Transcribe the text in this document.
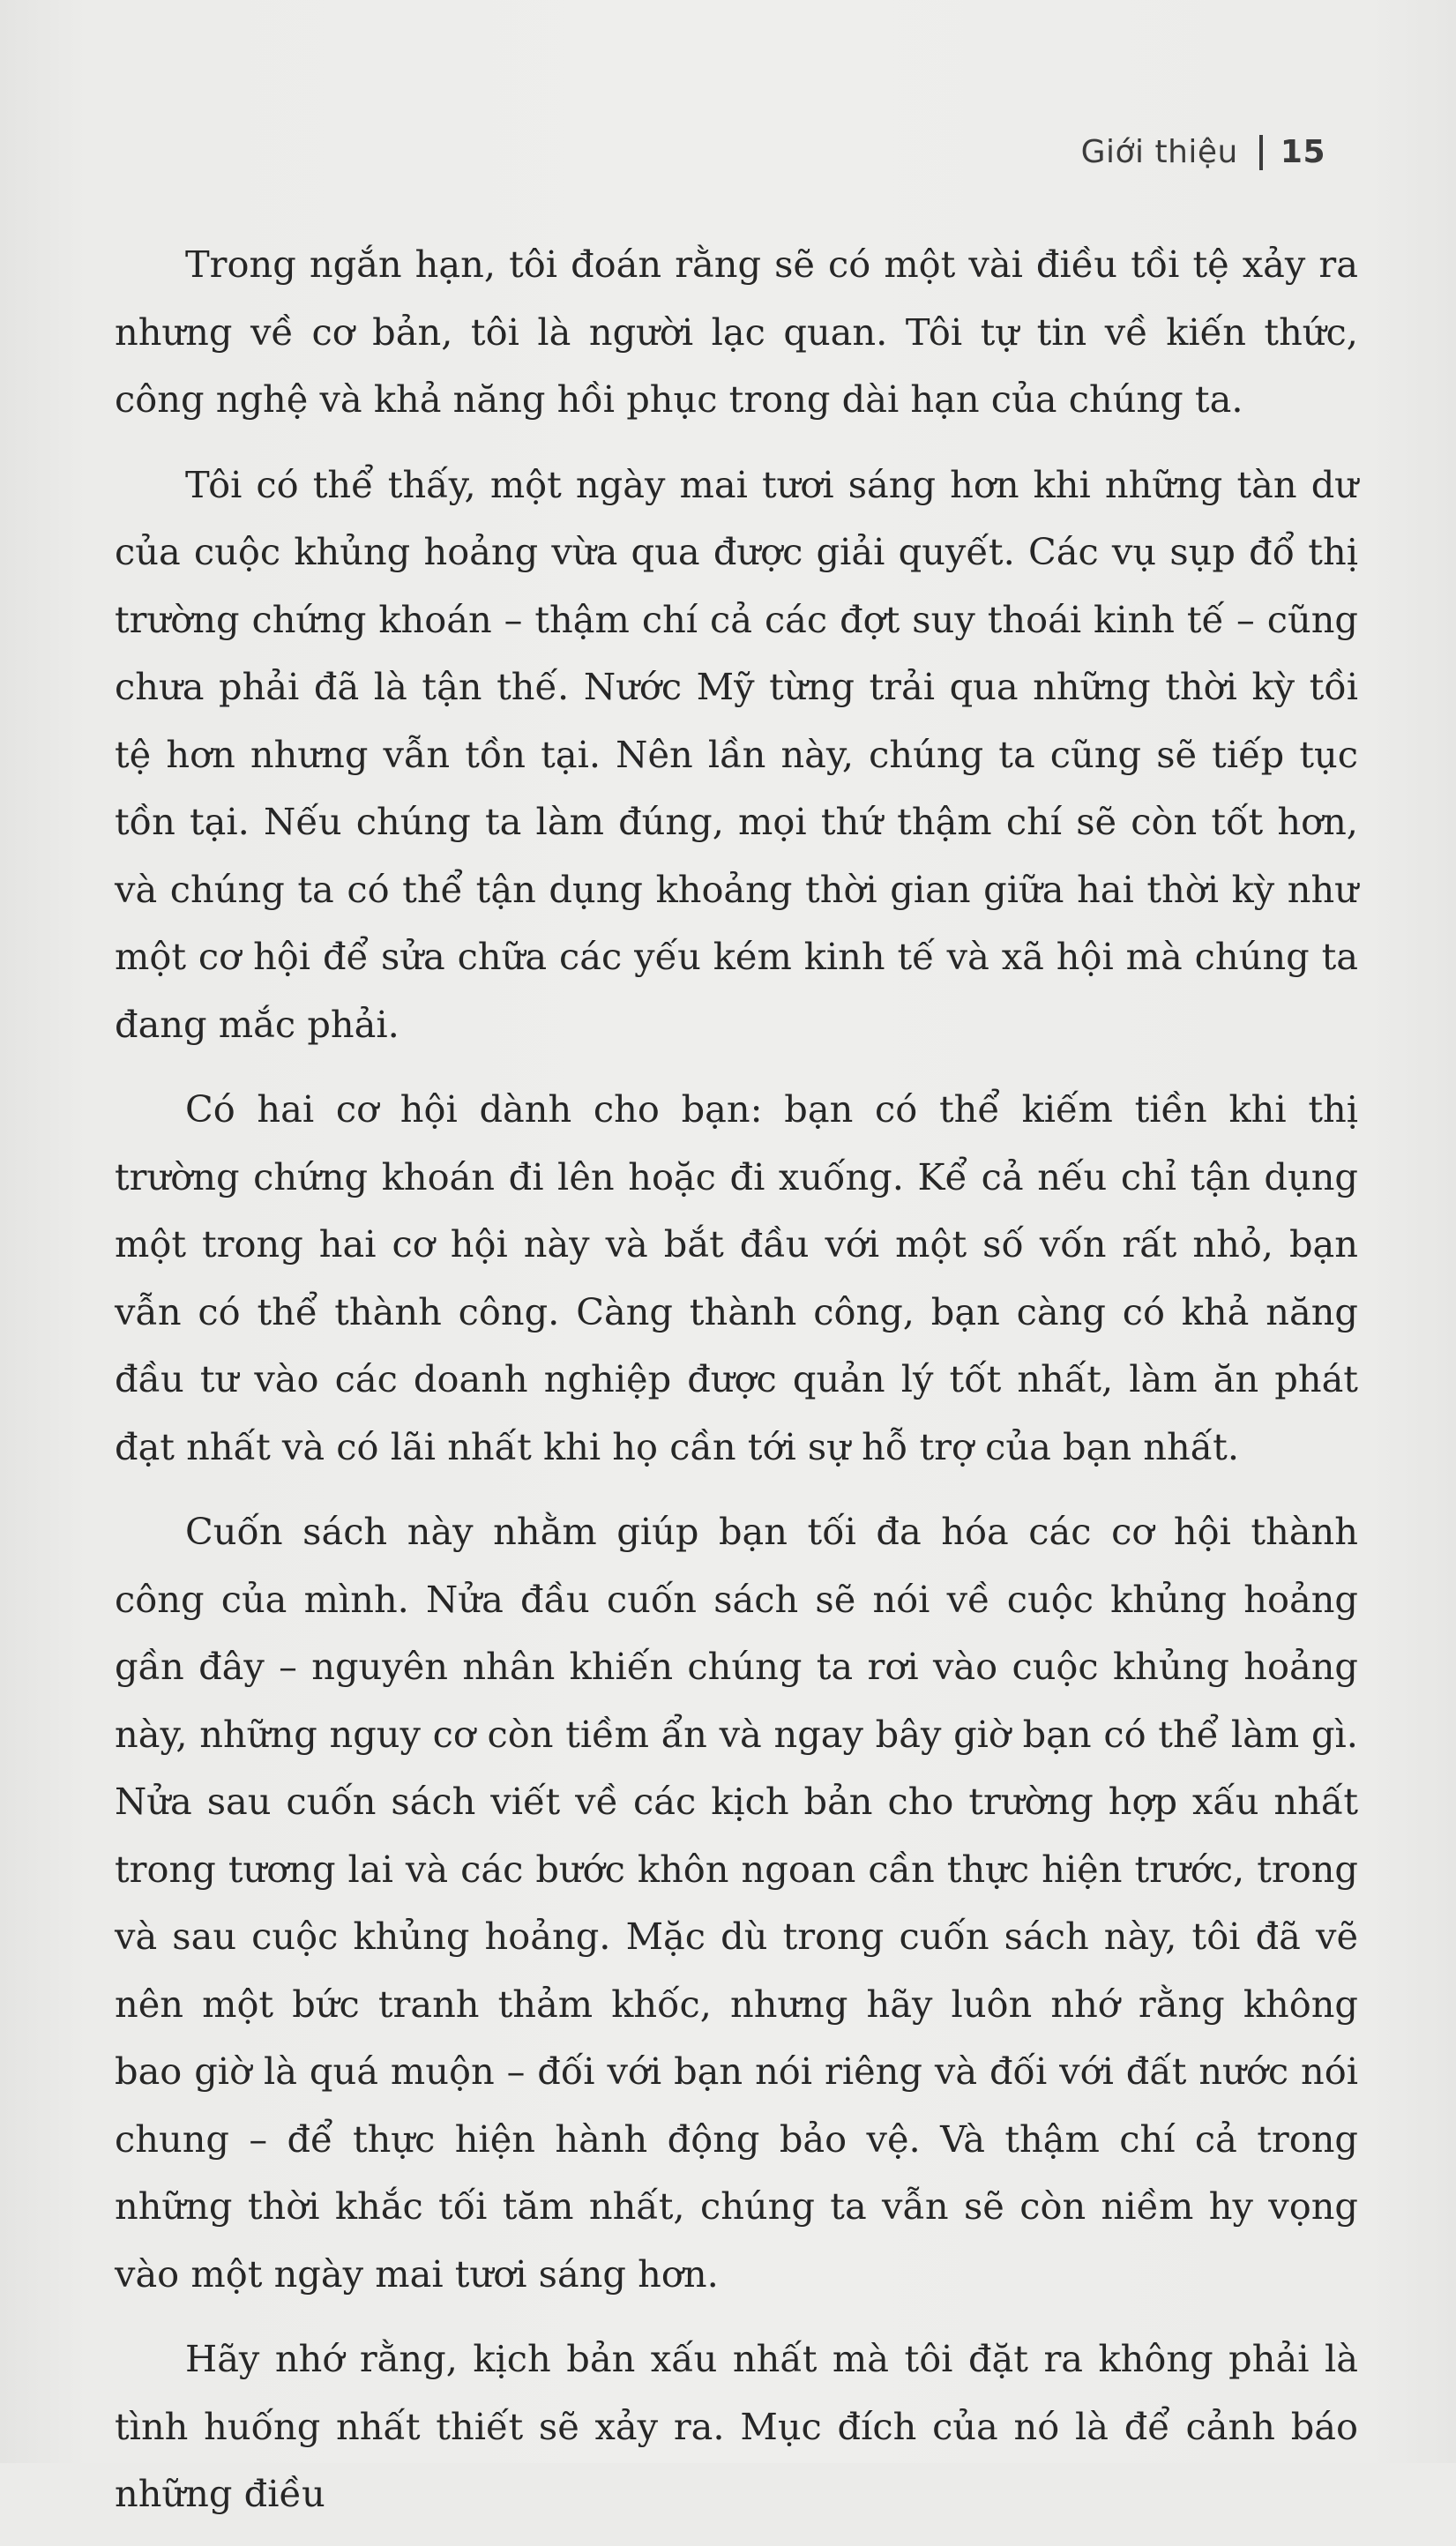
Giới thiệu 15

Trong ngắn hạn, tôi đoán rằng sẽ có một vài điều tồi tệ xảy ra nhưng về cơ bản, tôi là người lạc quan. Tôi tự tin về kiến thức, công nghệ và khả năng hồi phục trong dài hạn của chúng ta.

Tôi có thể thấy, một ngày mai tươi sáng hơn khi những tàn dư của cuộc khủng hoảng vừa qua được giải quyết. Các vụ sụp đổ thị trường chứng khoán – thậm chí cả các đợt suy thoái kinh tế – cũng chưa phải đã là tận thế. Nước Mỹ từng trải qua những thời kỳ tồi tệ hơn nhưng vẫn tồn tại. Nên lần này, chúng ta cũng sẽ tiếp tục tồn tại. Nếu chúng ta làm đúng, mọi thứ thậm chí sẽ còn tốt hơn, và chúng ta có thể tận dụng khoảng thời gian giữa hai thời kỳ như một cơ hội để sửa chữa các yếu kém kinh tế và xã hội mà chúng ta đang mắc phải.

Có hai cơ hội dành cho bạn: bạn có thể kiếm tiền khi thị trường chứng khoán đi lên hoặc đi xuống. Kể cả nếu chỉ tận dụng một trong hai cơ hội này và bắt đầu với một số vốn rất nhỏ, bạn vẫn có thể thành công. Càng thành công, bạn càng có khả năng đầu tư vào các doanh nghiệp được quản lý tốt nhất, làm ăn phát đạt nhất và có lãi nhất khi họ cần tới sự hỗ trợ của bạn nhất.

Cuốn sách này nhằm giúp bạn tối đa hóa các cơ hội thành công của mình. Nửa đầu cuốn sách sẽ nói về cuộc khủng hoảng gần đây – nguyên nhân khiến chúng ta rơi vào cuộc khủng hoảng này, những nguy cơ còn tiềm ẩn và ngay bây giờ bạn có thể làm gì. Nửa sau cuốn sách viết về các kịch bản cho trường hợp xấu nhất trong tương lai và các bước khôn ngoan cần thực hiện trước, trong và sau cuộc khủng hoảng. Mặc dù trong cuốn sách này, tôi đã vẽ nên một bức tranh thảm khốc, nhưng hãy luôn nhớ rằng không bao giờ là quá muộn – đối với bạn nói riêng và đối với đất nước nói chung – để thực hiện hành động bảo vệ. Và thậm chí cả trong những thời khắc tối tăm nhất, chúng ta vẫn sẽ còn niềm hy vọng vào một ngày mai tươi sáng hơn.

Hãy nhớ rằng, kịch bản xấu nhất mà tôi đặt ra không phải là tình huống nhất thiết sẽ xảy ra. Mục đích của nó là để cảnh báo những điều
